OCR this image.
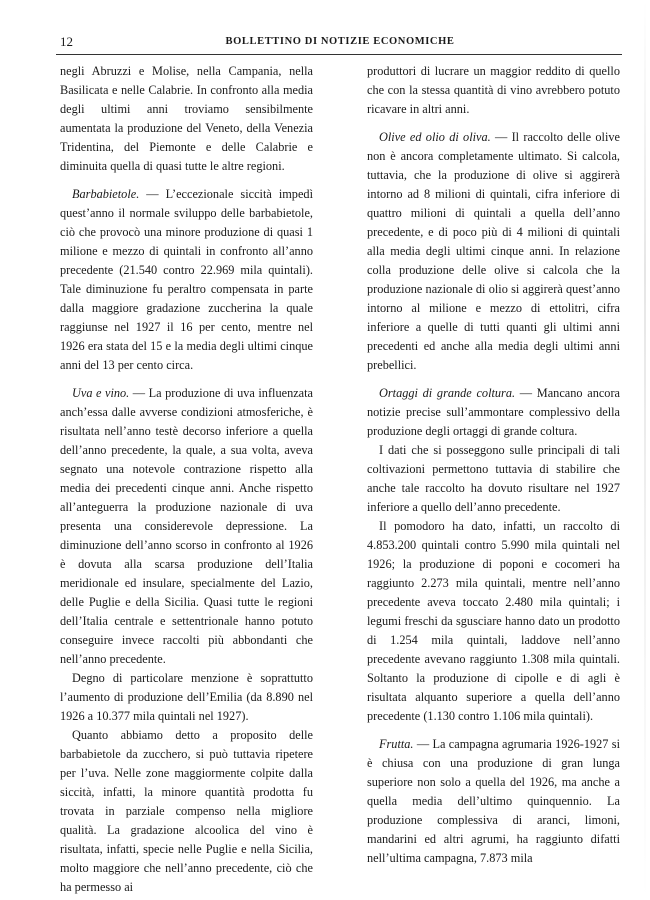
12	BOLLETTINO DI NOTIZIE ECONOMICHE

negli Abruzzi e Molise, nella Campania, nella Basilicata e nelle Calabrie. In confronto alla media degli ultimi anni troviamo sensibilmente aumentata la produzione del Veneto, della Venezia Tridentina, del Piemonte e delle Calabrie e diminuita quella di quasi tutte le altre regioni.

Barbabietole. — L’eccezionale siccità impedì quest’anno il normale sviluppo delle barbabietole, ciò che provocò una minore produzione di quasi 1 milione e mezzo di quintali in confronto all’anno precedente (21.540 contro 22.969 mila quintali). Tale diminuzione fu peraltro compensata in parte dalla maggiore gradazione zuccherina la quale raggiunse nel 1927 il 16 per cento, mentre nel 1926 era stata del 15 e la media degli ultimi cinque anni del 13 per cento circa.

Uva e vino. — La produzione di uva influenzata anch’essa dalle avverse condizioni atmosferiche, è risultata nell’anno testè decorso inferiore a quella dell’anno precedente, la quale, a sua volta, aveva segnato una notevole contrazione rispetto alla media dei precedenti cinque anni. Anche rispetto all’anteguerra la produzione nazionale di uva presenta una considerevole depressione. La diminuzione dell’anno scorso in confronto al 1926 è dovuta alla scarsa produzione dell’Italia meridionale ed insulare, specialmente del Lazio, delle Puglie e della Sicilia. Quasi tutte le regioni dell’Italia centrale e settentrionale hanno potuto conseguire invece raccolti più abbondanti che nell’anno precedente.

Degno di particolare menzione è soprattutto l’aumento di produzione dell’Emilia (da 8.890 nel 1926 a 10.377 mila quintali nel 1927).

Quanto abbiamo detto a proposito delle barbabietole da zucchero, si può tuttavia ripetere per l’uva. Nelle zone maggiormente colpite dalla siccità, infatti, la minore quantità prodotta fu trovata in parziale compenso nella migliore qualità. La gradazione alcoolica del vino è risultata, infatti, specie nelle Puglie e nella Sicilia, molto maggiore che nell’anno precedente, ciò che ha permesso ai

produttori di lucrare un maggior reddito di quello che con la stessa quantità di vino avrebbero potuto ricavare in altri anni.

Olive ed olio di oliva. — Il raccolto delle olive non è ancora completamente ultimato. Si calcola, tuttavia, che la produzione di olive si aggirerà intorno ad 8 milioni di quintali, cifra inferiore di quattro milioni di quintali a quella dell’anno precedente, e di poco più di 4 milioni di quintali alla media degli ultimi cinque anni. In relazione colla produzione delle olive si calcola che la produzione nazionale di olio si aggirerà quest’anno intorno al milione e mezzo di ettolitri, cifra inferiore a quelle di tutti quanti gli ultimi anni precedenti ed anche alla media degli ultimi anni prebellici.

Ortaggi di grande coltura. — Mancano ancora notizie precise sull’ammontare complessivo della produzione degli ortaggi di grande coltura.

I dati che si posseggono sulle principali di tali coltivazioni permettono tuttavia di stabilire che anche tale raccolto ha dovuto risultare nel 1927 inferiore a quello dell’anno precedente.

Il pomodoro ha dato, infatti, un raccolto di 4.853.200 quintali contro 5.990 mila quintali nel 1926; la produzione di poponi e cocomeri ha raggiunto 2.273 mila quintali, mentre nell’anno precedente aveva toccato 2.480 mila quintali; i legumi freschi da sgusciare hanno dato un prodotto di 1.254 mila quintali, laddove nell’anno precedente avevano raggiunto 1.308 mila quintali. Soltanto la produzione di cipolle e di agli è risultata alquanto superiore a quella dell’anno precedente (1.130 contro 1.106 mila quintali).

Frutta. — La campagna agrumaria 1926-1927 si è chiusa con una produzione di gran lunga superiore non solo a quella del 1926, ma anche a quella media dell’ultimo quinquennio. La produzione complessiva di aranci, limoni, mandarini ed altri agrumi, ha raggiunto difatti nell’ultima campagna, 7.873 mila
